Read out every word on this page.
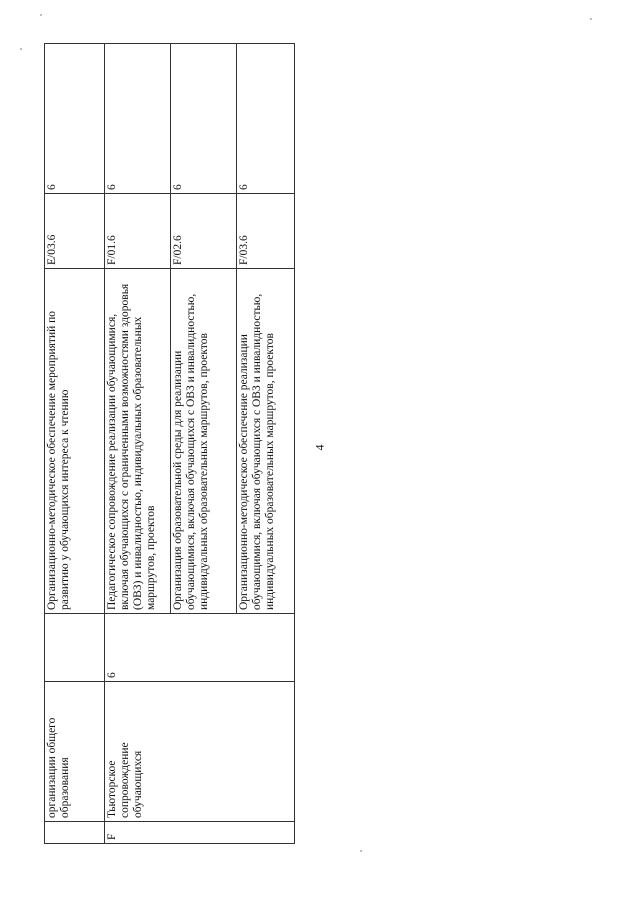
4
	организации общего образования		Организационно-методическое обеспечение мероприятий по развитию у обучающихся интереса к чтению	E/03.6	6
F	Тьюторское сопровождение обучающихся	6	Педагогическое сопровождение реализации обучающимися, включая обучающихся с ограниченными возможностями здоровья (ОВЗ) и инвалидностью, индивидуальных образовательных маршрутов, проектов	F/01.6	6
			Организация образовательной среды для реализации обучающимися, включая обучающихся с ОВЗ и инвалидностью, индивидуальных образовательных маршрутов, проектов	F/02.6	6
			Организационно-методическое обеспечение реализации обучающимися, включая обучающихся с ОВЗ и инвалидностью, индивидуальных образовательных маршрутов, проектов	F/03.6	6
